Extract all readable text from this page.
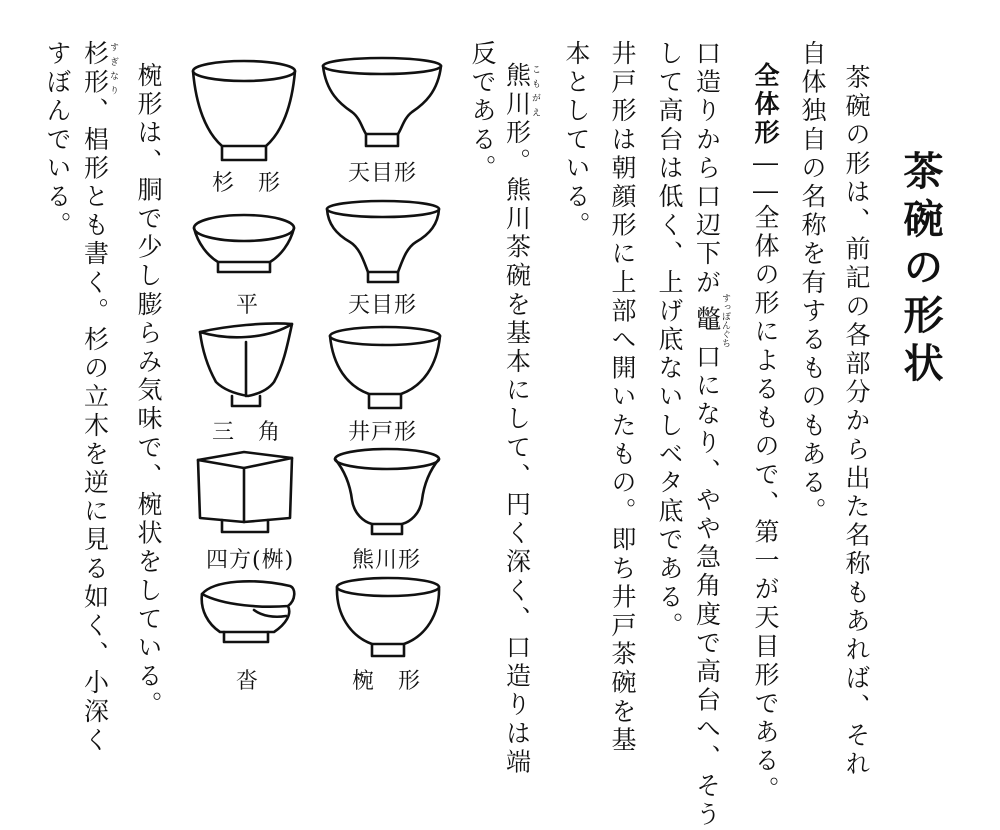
茶碗の形状
茶碗の形は、前記の各部分から出た名称もあれば、それ
自体独自の名称を有するものもある。
全体形――全体の形によるもので、第一が天目形である。
口造りから口辺下が鼈すっぽんぐち口になり、やや急角度で高台へ、そう
して高台は低く、上げ底ないしベタ底である。
井戸形は朝顔形に上部へ開いたもの。即ち井戸茶碗を基
本としている。
熊川こもがえ形。熊川茶碗を基本にして、円く深く、口造りは端
反である。
椀形は、胴で少し膨らみ気味で、椀状をしている。
杉形すぎなり、椙形とも書く。杉の立木を逆に見る如く、小深く
すぼんでいる。	天目形
天目形
井戸形
熊川形
椀　形
杉　形
平
三　角
四方(桝)
沓
